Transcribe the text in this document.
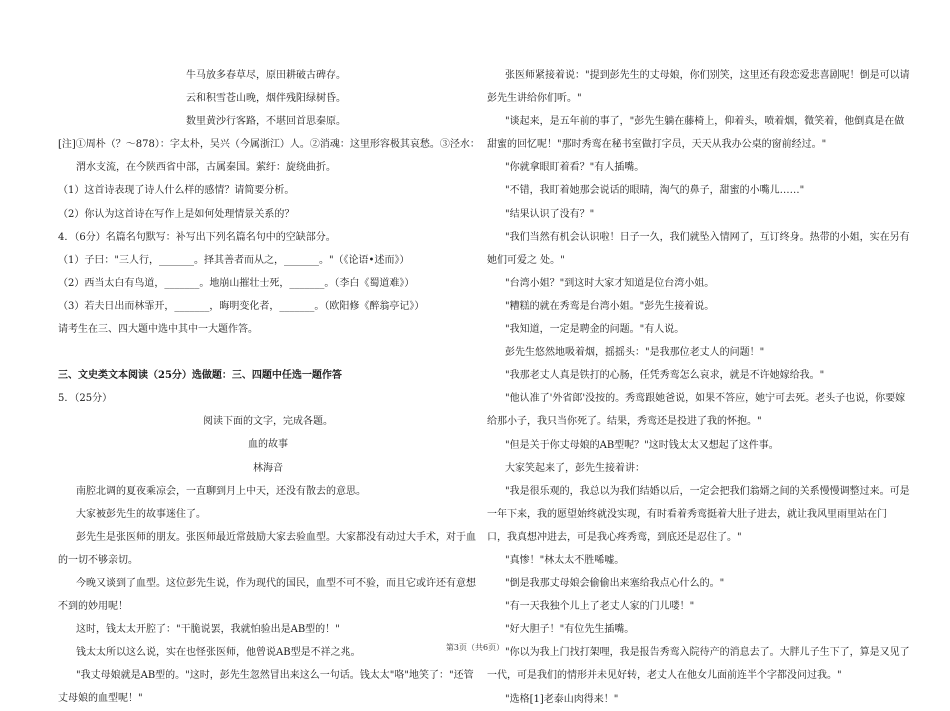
牛马放多春草尽，原田耕破古碑存。
云和积雪苍山晚，烟伴残阳绿树昏。
数里黄沙行客路，不堪回首思秦原。
[注]①周朴（？～878）：字太朴，吴兴（今属浙江）人。②消魂：这里形容极其哀愁。③泾水：
渭水支流，在今陕西省中部，古属秦国。萦纡：旋绕曲折。
（1）这首诗表现了诗人什么样的感情？请简要分析。
（2）你认为这首诗在写作上是如何处理情景关系的？
4．（6分）名篇名句默写：补写出下列名篇名句中的空缺部分。
（1）子曰："三人行，_______。择其善者而从之，_______。"（《论语•述而》）
（2）西当太白有鸟道，_______。地崩山摧壮士死，_______。（李白《蜀道难》）
（3）若夫日出而林霏开，_______，晦明变化者，_______。（欧阳修《醉翁亭记》）
请考生在三、四大题中选中其中一大题作答。
三、文史类文本阅读（25分）选做题：三、四题中任选一题作答
5．（25分）
阅读下面的文字，完成各题。
血的故事
林海音
南腔北调的夏夜乘凉会，一直聊到月上中天，还没有散去的意思。
大家被彭先生的故事迷住了。
彭先生是张医师的朋友。张医师最近常鼓励大家去验血型。大家都没有动过大手术，对于血
的一切不够亲切。
今晚又谈到了血型。这位彭先生说，作为现代的国民，血型不可不验，而且它或许还有意想
不到的妙用呢！
这时，钱太太开腔了："干脆说罢，我就怕验出是AB型的！"
钱太太所以这么说，实在也怪张医师，他曾说AB型是不祥之兆。
"我丈母娘就是AB型的。"这时，彭先生忽然冒出来这么一句话。钱太太"咯"地笑了："还管
丈母娘的血型呢！"
张医师紧接着说："提到彭先生的丈母娘，你们别笑，这里还有段恋爱悲喜剧呢！倒是可以请
彭先生讲给你们听。"
"谈起来，是五年前的事了，"彭先生躺在藤椅上，仰着头，喷着烟，微笑着，他倒真是在做
甜蜜的回忆呢！"那时秀鸾在秘书室做打字员，天天从我办公桌的窗前经过。"
"你就拿眼盯着看？"有人插嘴。
"不错，我盯着她那会说话的眼睛，淘气的鼻子，甜蜜的小嘴儿……"
"结果认识了没有？"
"我们当然有机会认识啦！日子一久，我们就坠入情网了，互订终身。热带的小姐，实在另有
她们可爱之 处。"
"台湾小姐？"到这时大家才知道是位台湾小姐。
"糟糕的就在秀鸾是台湾小姐。"彭先生接着说。
"我知道，一定是聘金的问题。"有人说。
彭先生悠然地吸着烟，摇摇头："是我那位老丈人的问题！"
"我那老丈人真是铁打的心肠，任凭秀鸾怎么哀求，就是不许她嫁给我。"
"他认准了'外省郎'没按的。秀鸾跟她爸说，如果不答应，她宁可去死。老头子也说，你要嫁
给那小子，我只当你死了。结果，秀鸾还是投进了我的怀抱。"
"但是关于你丈母娘的AB型呢？"这时钱太太又想起了这件事。
大家笑起来了，彭先生接着讲：
"我是很乐观的，我总以为我们结婚以后，一定会把我们翁婿之间的关系慢慢调整过来。可是
一年下来，我的愿望始终就没实现，有时看着秀鸾挺着大肚子进去，就让我风里雨里站在门
口，我真想冲进去，可是我心疼秀鸾，到底还是忍住了。"
"真惨！"林太太不胜唏嘘。
"倒是我那丈母娘会偷偷出来塞给我点心什么的。"
"有一天我独个儿上了老丈人家的门儿喽！"
"好大胆子！"有位先生插嘴。
"你以为我上门找打架哩，我是报告秀鸾入院待产的消息去了。大胖儿子生下了，算是又见了
一代，可是我们的情形并未见好转，老丈人在他女儿面前连半个字都没问过我。"
"选格[1]老泰山肉得来！"
第3页（共6页）
